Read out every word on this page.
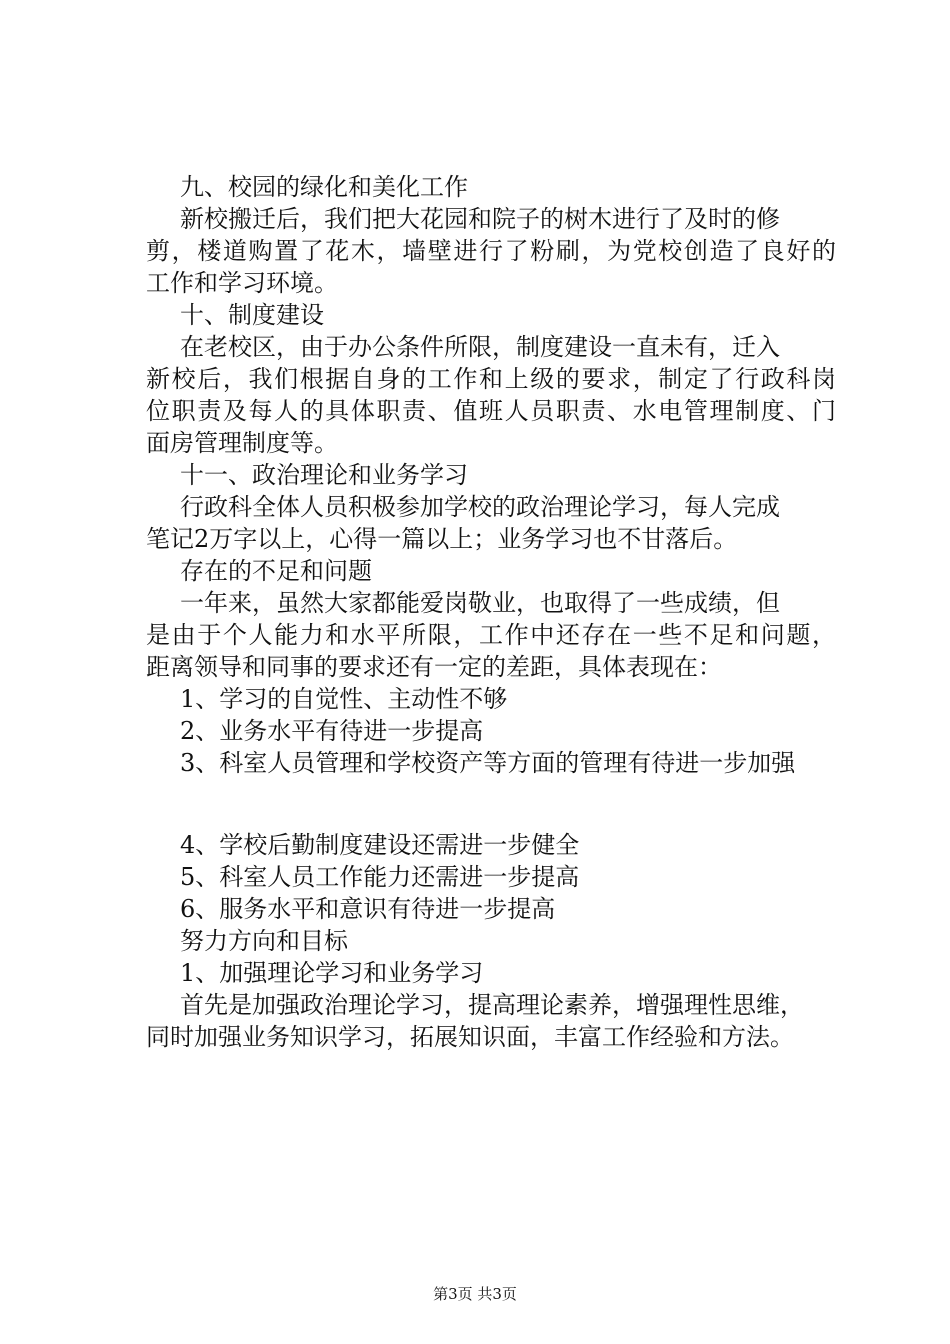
九、校园的绿化和美化工作
新校搬迁后，我们把大花园和院子的树木进行了及时的修
剪，楼道购置了花木，墙壁进行了粉刷，为党校创造了良好的
工作和学习环境。
十、制度建设
在老校区，由于办公条件所限，制度建设一直未有，迁入
新校后，我们根据自身的工作和上级的要求，制定了行政科岗
位职责及每人的具体职责、值班人员职责、水电管理制度、门
面房管理制度等。
十一、政治理论和业务学习
行政科全体人员积极参加学校的政治理论学习，每人完成
笔记2万字以上，心得一篇以上；业务学习也不甘落后。
存在的不足和问题
一年来，虽然大家都能爱岗敬业，也取得了一些成绩，但
是由于个人能力和水平所限，工作中还存在一些不足和问题，
距离领导和同事的要求还有一定的差距，具体表现在：
1、学习的自觉性、主动性不够
2、业务水平有待进一步提高
3、科室人员管理和学校资产等方面的管理有待进一步加强
4、学校后勤制度建设还需进一步健全
5、科室人员工作能力还需进一步提高
6、服务水平和意识有待进一步提高
努力方向和目标
1、加强理论学习和业务学习
首先是加强政治理论学习，提高理论素养，增强理性思维，
同时加强业务知识学习，拓展知识面，丰富工作经验和方法。
第3页 共3页
